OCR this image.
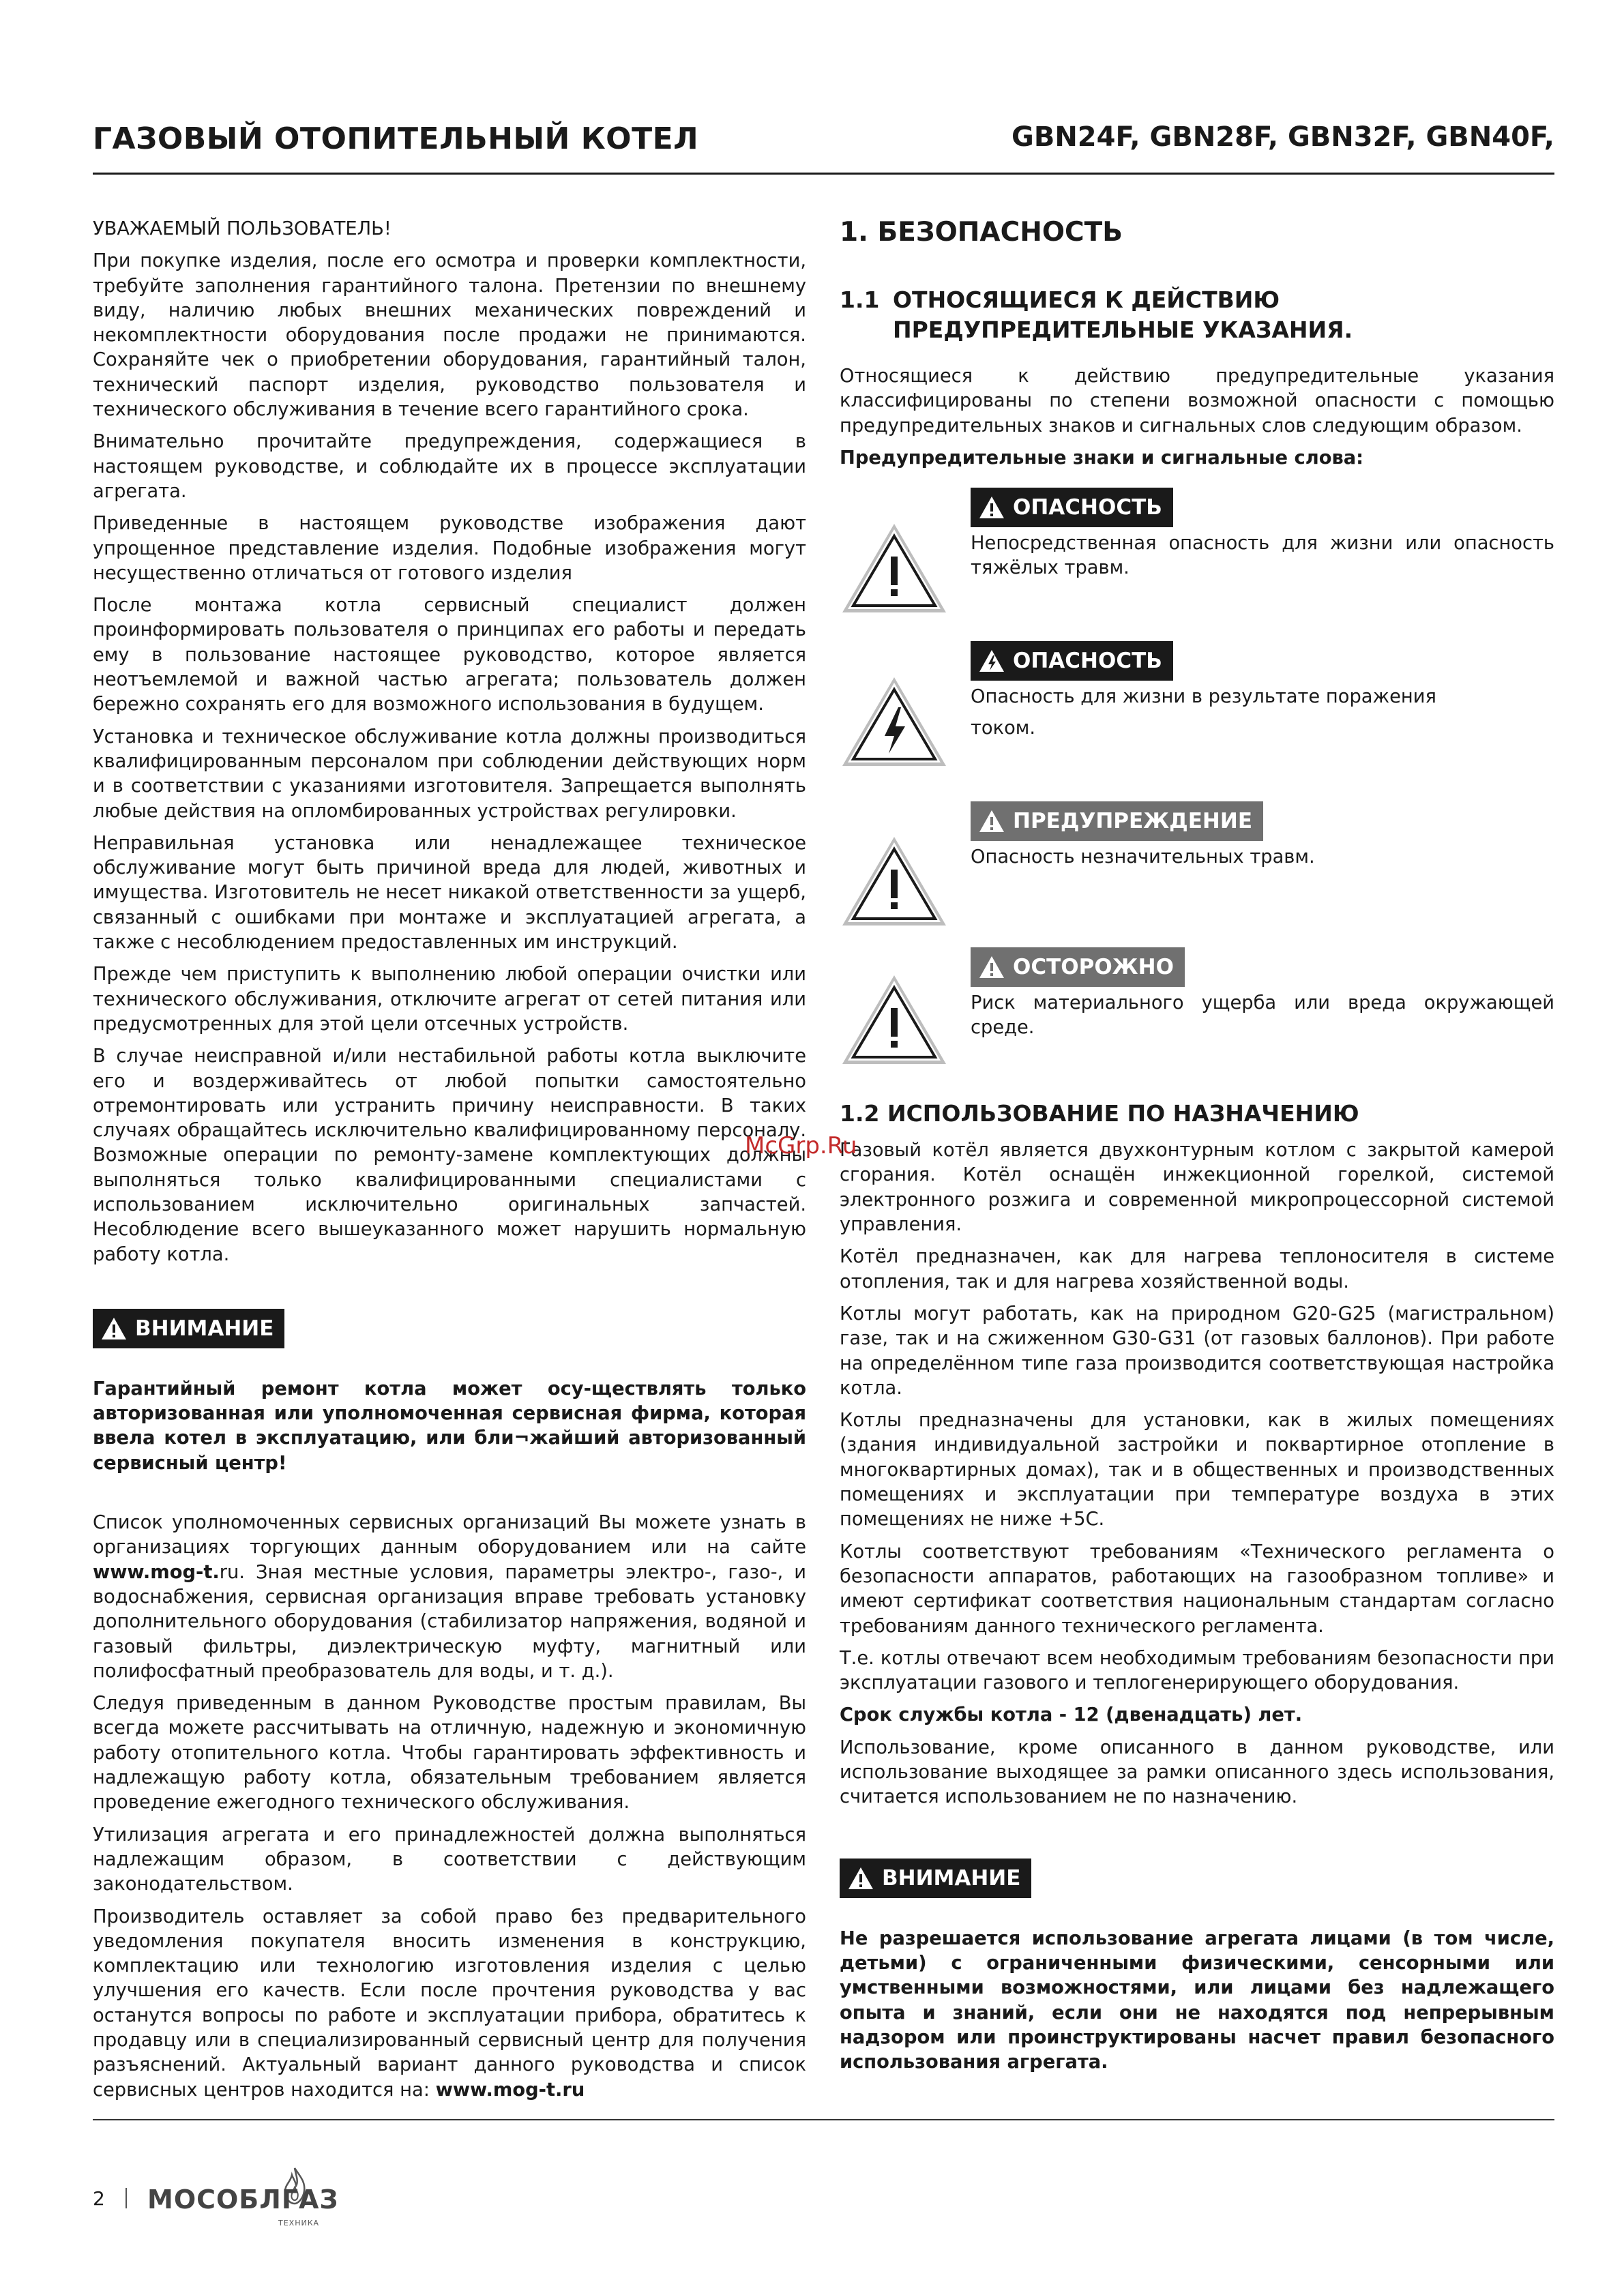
ГАЗОВЫЙ ОТОПИТЕЛЬНЫЙ КОТЕЛ	GBN24F, GBN28F, GBN32F, GBN40F,

УВАЖАЕМЫЙ ПОЛЬЗОВАТЕЛЬ!

При покупке изделия, после его осмотра и проверки комплектности, требуйте заполнения гарантийного талона. Претензии по внешнему виду, наличию любых внешних механических повреждений и некомплектности оборудования после продажи не принимаются. Сохраняйте чек о приобретении оборудования, гарантийный талон, технический паспорт изделия, руководство пользователя и технического обслуживания в течение всего гарантийного срока.

Внимательно прочитайте предупреждения, содержащиеся в настоящем руководстве, и соблюдайте их в процессе эксплуатации агрегата.

Приведенные в настоящем руководстве изображения дают упрощенное представление изделия. Подобные изображения могут несущественно отличаться от готового изделия

После монтажа котла сервисный специалист должен проинформировать пользователя о принципах его работы и передать ему в пользование настоящее руководство, которое является неотъемлемой и важной частью агрегата; пользователь должен бережно сохранять его для возможного использования в будущем.

Установка и техническое обслуживание котла должны производиться квалифицированным персоналом при соблюдении действующих норм и в соответствии с указаниями изготовителя. Запрещается выполнять любые действия на опломбированных устройствах регулировки.

Неправильная установка или ненадлежащее техническое обслуживание могут быть причиной вреда для людей, животных и имущества. Изготовитель не несет никакой ответственности за ущерб, связанный с ошибками при монтаже и эксплуатацией агрегата, а также с несоблюдением предоставленных им инструкций.

Прежде чем приступить к выполнению любой операции очистки или технического обслуживания, отключите агрегат от сетей питания или предусмотренных для этой цели отсечных устройств.

В случае неисправной и/или нестабильной работы котла выключите его и воздерживайтесь от любой попытки самостоятельно отремонтировать или устранить причину неисправности. В таких случаях обращайтесь исключительно квалифицированному персоналу. Возможные операции по ремонту-замене комплектующих должны выполняться только квалифицированными специалистами с использованием исключительно оригинальных запчастей. Несоблюдение всего вышеуказанного может нарушить нормальную работу котла.

ВНИМАНИЕ

Гарантийный ремонт котла может осу-ществлять только авторизованная или уполномоченная сервисная фирма, которая ввела котел в эксплуатацию, или бли¬жайший авторизованный сервисный центр!

Список уполномоченных сервисных организаций Вы можете узнать в организациях торгующих данным оборудованием или на сайте www.mog-t.ru. Зная местные условия, параметры электро-, газо-, и водоснабжения, сервисная организация вправе требовать установку дополнительного оборудования (стабилизатор напряжения, водяной и газовый фильтры, диэлектрическую муфту, магнитный или полифосфатный преобразователь для воды, и т. д.).

Следуя приведенным в данном Руководстве простым правилам, Вы всегда можете рассчитывать на отличную, надежную и экономичную работу отопительного котла. Чтобы гарантировать эффективность и надлежащую работу котла, обязательным требованием является проведение ежегодного технического обслуживания.

Утилизация агрегата и его принадлежностей должна выполняться надлежащим образом, в соответствии с действующим законодательством.

Производитель оставляет за собой право без предварительного уведомления покупателя вносить изменения в конструкцию, комплектацию или технологию изготовления изделия с целью улучшения его качеств. Если после прочтения руководства у вас останутся вопросы по работе и эксплуатации прибора, обратитесь к продавцу или в специализированный сервисный центр для получения разъяснений. Актуальный вариант данного руководства и список сервисных центров находится на: www.mog-t.ru

1. БЕЗОПАСНОСТЬ
1.1 ОТНОСЯЩИЕСЯ К ДЕЙСТВИЮ ПРЕДУПРЕДИТЕЛЬНЫЕ УКАЗАНИЯ.

Относящиеся к действию предупредительные указания классифицированы по степени возможной опасности с помощью предупредительных знаков и сигнальных слов следующим образом.

Предупредительные знаки и сигнальные слова:

ОПАСНОСТЬ

Непосредственная опасность для жизни или опасность тяжёлых травм.

ОПАСНОСТЬ

Опасность для жизни в результате поражения

током.

ПРЕДУПРЕЖДЕНИЕ

Опасность незначительных травм.

ОСТОРОЖНО

Риск материального ущерба или вреда окружающей среде.

1.2 ИСПОЛЬЗОВАНИЕ ПО НАЗНАЧЕНИЮ

Газовый котёл является двухконтурным котлом с закрытой камерой сгорания. Котёл оснащён инжекционной горелкой, системой электронного розжига и современной микропроцессорной системой управления.

Котёл предназначен, как для нагрева теплоносителя в системе отопления, так и для нагрева хозяйственной воды.

Котлы могут работать, как на природном G20-G25 (магистральном) газе, так и на сжиженном G30-G31 (от газовых баллонов). При работе на определённом типе газа производится соответствующая настройка котла.

Котлы предназначены для установки, как в жилых помещениях (здания индивидуальной застройки и поквартирное отопление в многоквартирных домах), так и в общественных и производственных помещениях и эксплуатации при температуре воздуха в этих помещениях не ниже +5С.

Котлы соответствуют требованиям «Технического регламента о безопасности аппаратов, работающих на газообразном топливе» и имеют сертификат соответствия национальным стандартам согласно требованиям данного технического регламента.

Т.е. котлы отвечают всем необходимым требованиям безопасности при эксплуатации газового и теплогенерирующего оборудования.

Срок службы котла - 12 (двенадцать) лет.

Использование, кроме описанного в данном руководстве, или использование выходящее за рамки описанного здесь использования, считается использованием не по назначению.

ВНИМАНИЕ

Не разрешается использование агрегата лицами (в том числе, детьми) с ограниченными физическими, сенсорными или умственными возможностями, или лицами без надлежащего опыта и знаний, если они не находятся под непрерывным надзором или проинструктированы насчет правил безопасного использования агрегата.

McGrp.Ru
2 МОСОБЛГАЗ
ТЕХНИКА
